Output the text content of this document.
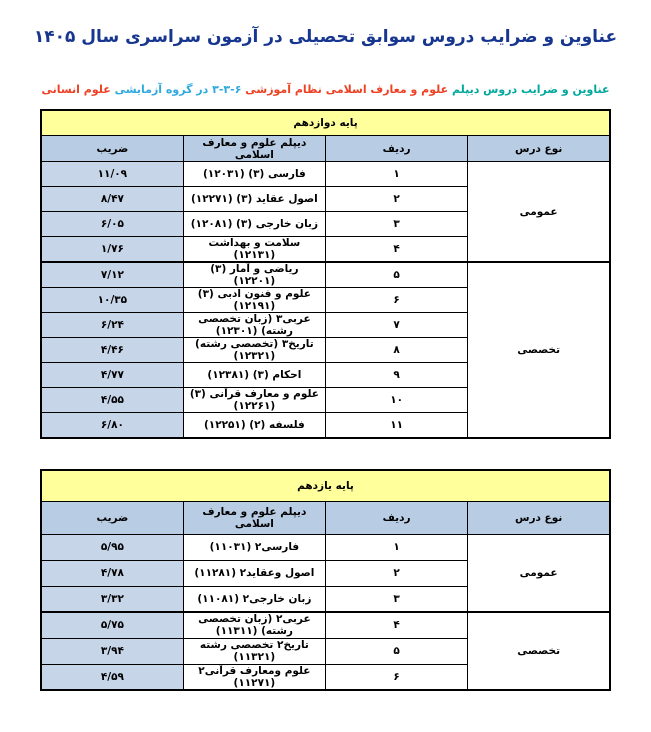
عناوین و ضرایب دروس سوابق تحصیلی در آزمون سراسری سال ۱۴۰۵
عناوین و ضرایب دروس دیپلم علوم و معارف اسلامی نظام آموزشی ۶-۳-۳ در گروه آزمایشی علوم انسانی
پایه دوازدهم			
نوع درس	ردیف	دیپلم علوم و معارف اسلامی	ضریب
عمومی	۱	فارسی (۳) (۱۲۰۳۱)	۱۱/۰۹
	۲	اصول عقاید (۳) (۱۲۲۷۱)	۸/۴۷
	۳	زبان خارجی (۳) (۱۲۰۸۱)	۶/۰۵
	۴	سلامت و بهداشت (۱۲۱۳۱)	۱/۷۶
تخصصی	۵	ریاضی و آمار (۳) (۱۲۲۰۱)	۷/۱۲
	۶	علوم و فنون ادبی (۳) (۱۲۱۹۱)	۱۰/۳۵
	۷	عربی۳ (زبان تخصصی رشته) (۱۲۳۰۱)	۶/۲۴
	۸	تاریخ۳ (تخصصی رشته) (۱۲۳۲۱)	۴/۴۶
	۹	احکام (۳) (۱۲۳۸۱)	۴/۷۷
	۱۰	علوم و معارف قرآنی (۳) (۱۲۲۶۱)	۴/۵۵
	۱۱	فلسفه (۲) (۱۲۲۵۱)	۶/۸۰
پایه یازدهم			
نوع درس	ردیف	دیپلم علوم و معارف اسلامی	ضریب
عمومی	۱	فارسی۲ (۱۱۰۳۱)	۵/۹۵
	۲	اصول وعقاید۲ (۱۱۲۸۱)	۴/۷۸
	۳	زبان خارجی۲ (۱۱۰۸۱)	۳/۳۲
تخصصی	۴	عربی۲ (زبان تخصصی رشته) (۱۱۳۱۱)	۵/۷۵
	۵	تاریخ۲ تخصصی رشته (۱۱۳۲۱)	۳/۹۴
	۶	علوم ومعارف قرآنی۲ (۱۱۲۷۱)	۴/۵۹
